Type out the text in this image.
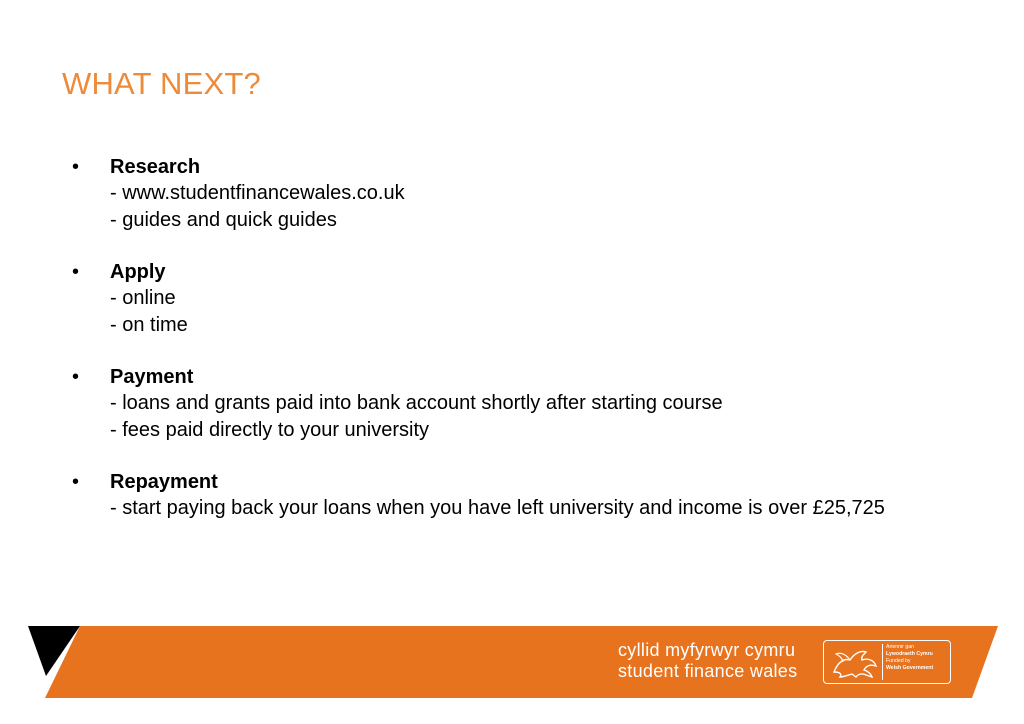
WHAT NEXT?
• Research
- www.studentfinancewales.co.uk
- guides and quick guides
• Apply
- online
- on time
• Payment
- loans and grants paid into bank account shortly after starting course
- fees paid directly to your university
• Repayment
- start paying back your loans when you have left university and income is over £25,725
cyllid myfyrwyr cymru
student finance wales
Ariennir gan
Lywodraeth Cymru
Funded by
Welsh Government
